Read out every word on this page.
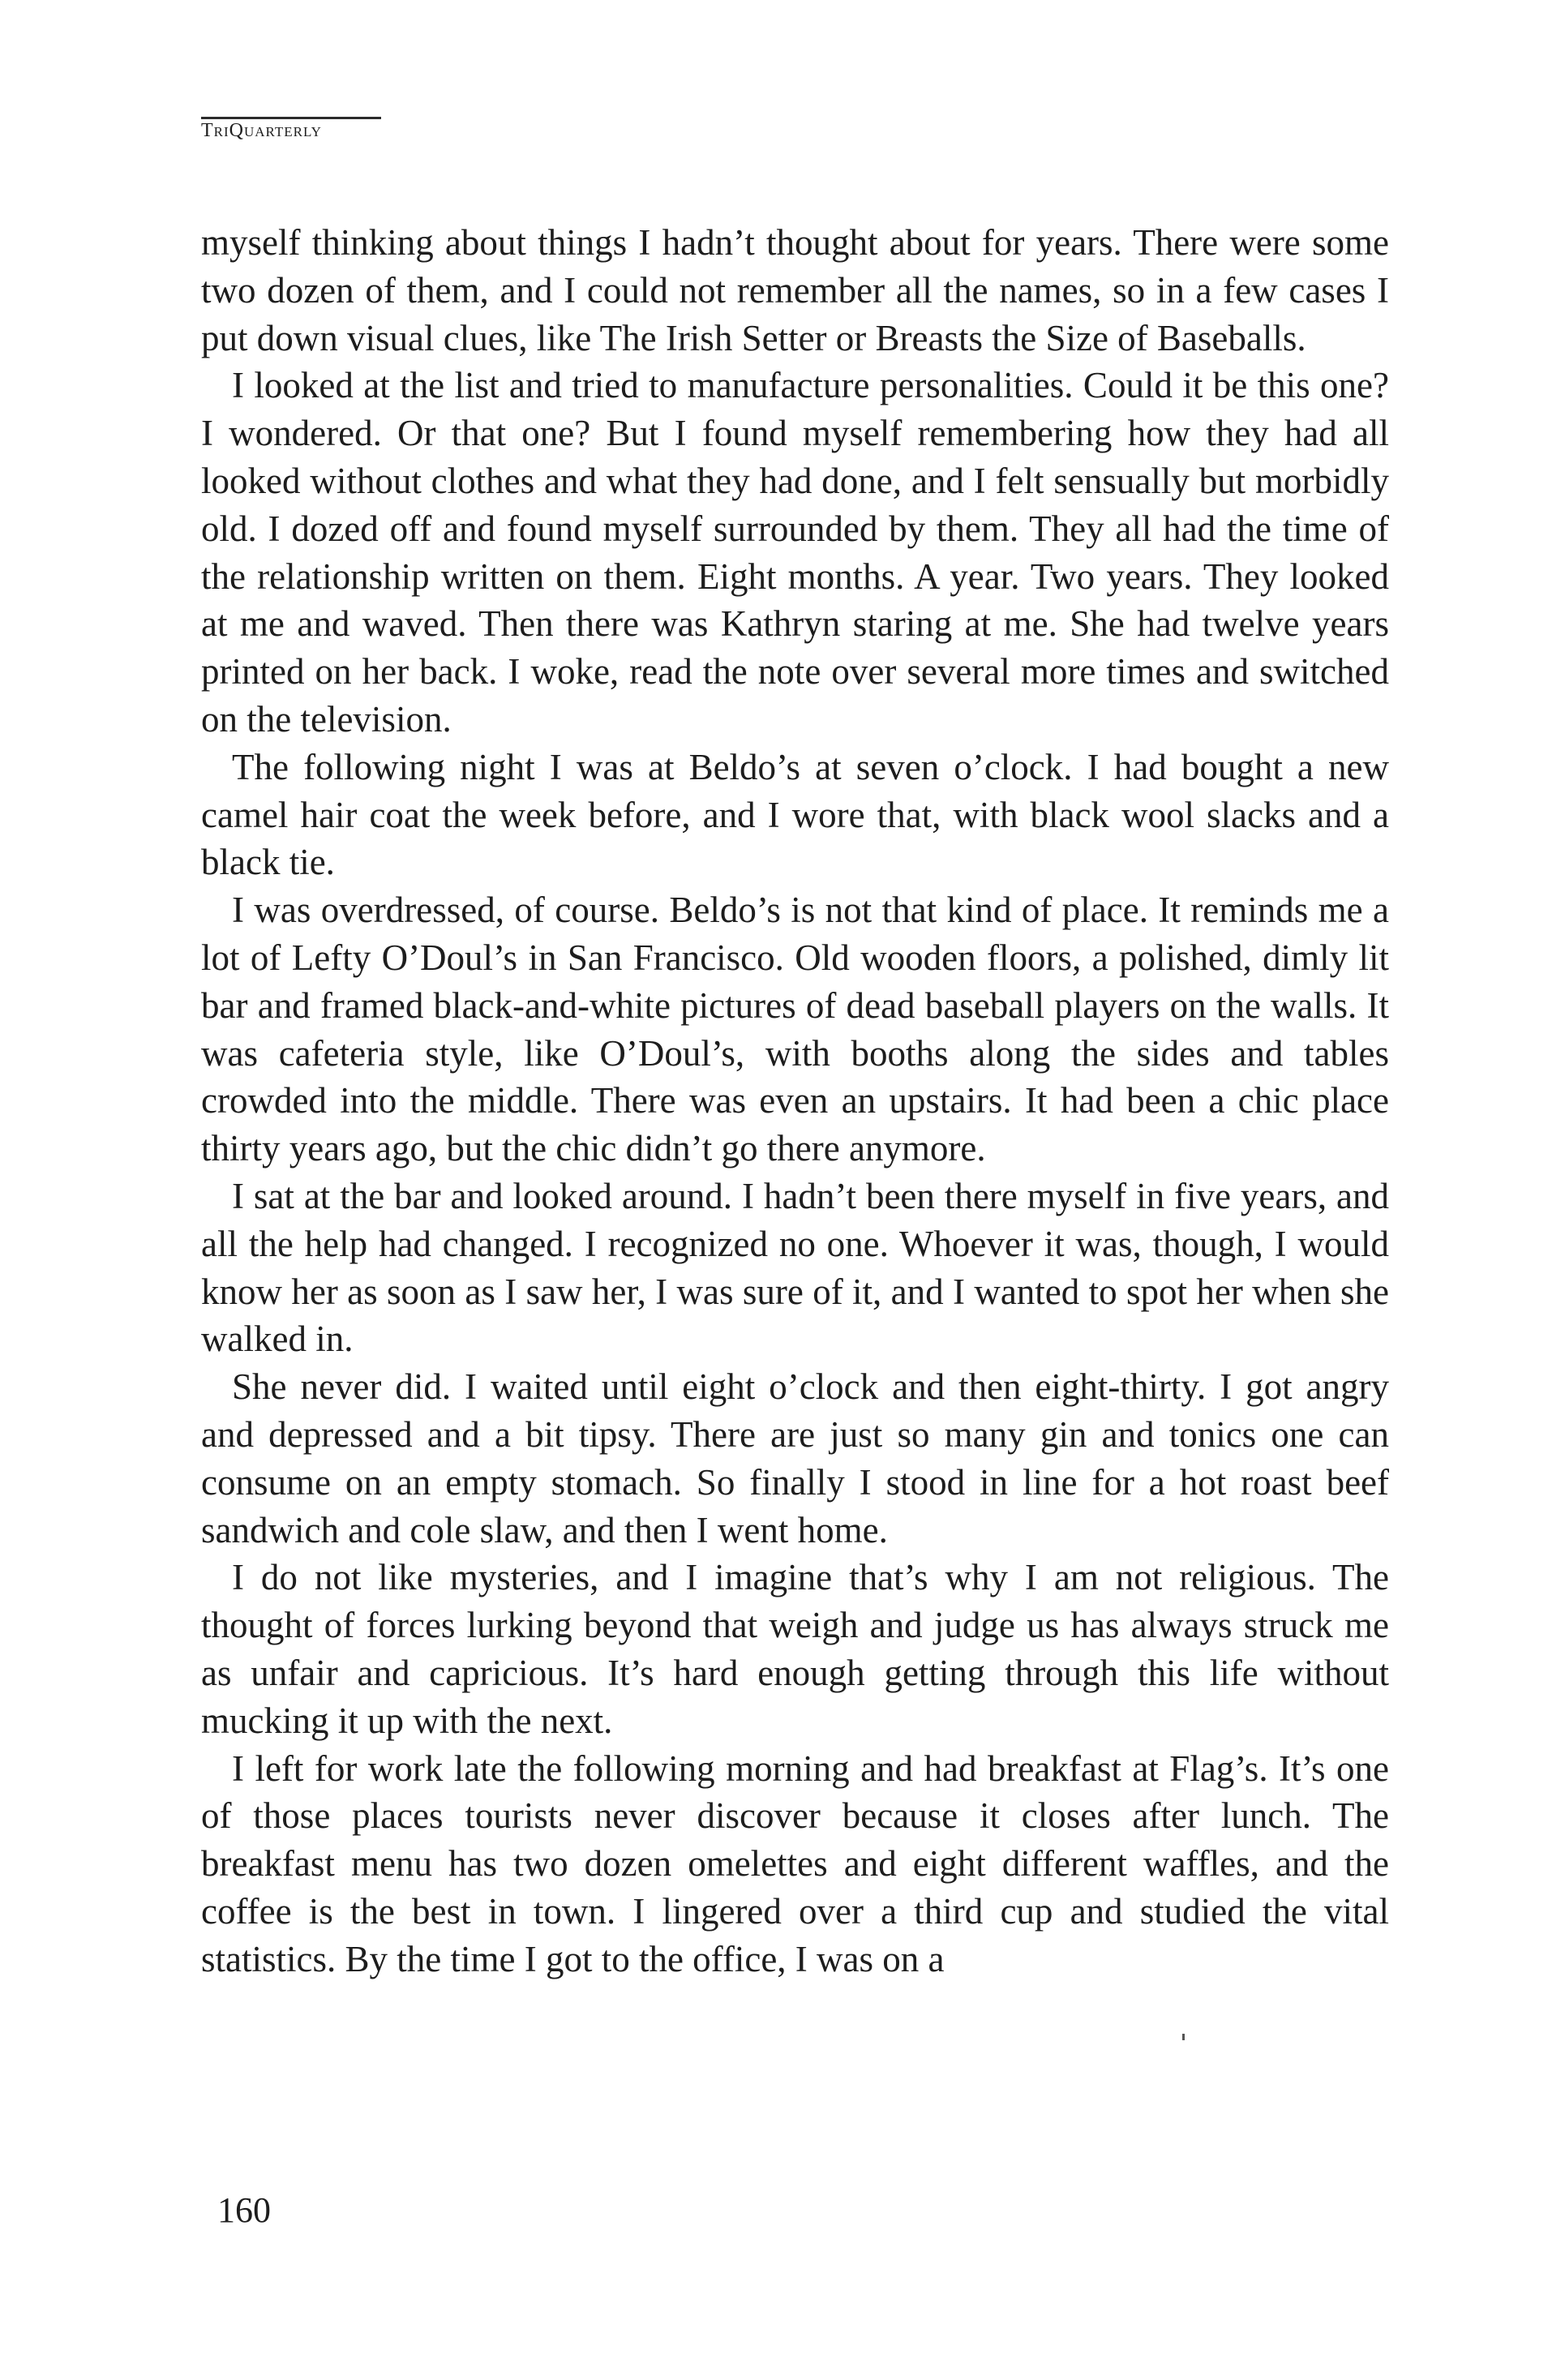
TriQuarterly

myself thinking about things I hadn’t thought about for years. There were some two dozen of them, and I could not remember all the names, so in a few cases I put down visual clues, like The Irish Setter or Breasts the Size of Baseballs.

I looked at the list and tried to manufacture personalities. Could it be this one? I wondered. Or that one? But I found myself remembering how they had all looked without clothes and what they had done, and I felt sensually but morbidly old. I dozed off and found myself surrounded by them. They all had the time of the relationship written on them. Eight months. A year. Two years. They looked at me and waved. Then there was Kathryn staring at me. She had twelve years printed on her back. I woke, read the note over several more times and switched on the television.

The following night I was at Beldo’s at seven o’clock. I had bought a new camel hair coat the week before, and I wore that, with black wool slacks and a black tie.

I was overdressed, of course. Beldo’s is not that kind of place. It reminds me a lot of Lefty O’Doul’s in San Francisco. Old wooden floors, a polished, dimly lit bar and framed black-and-white pictures of dead baseball players on the walls. It was cafeteria style, like O’Doul’s, with booths along the sides and tables crowded into the middle. There was even an upstairs. It had been a chic place thirty years ago, but the chic didn’t go there anymore.

I sat at the bar and looked around. I hadn’t been there myself in five years, and all the help had changed. I recognized no one. Whoever it was, though, I would know her as soon as I saw her, I was sure of it, and I wanted to spot her when she walked in.

She never did. I waited until eight o’clock and then eight-thirty. I got angry and depressed and a bit tipsy. There are just so many gin and tonics one can consume on an empty stomach. So finally I stood in line for a hot roast beef sandwich and cole slaw, and then I went home.

I do not like mysteries, and I imagine that’s why I am not religious. The thought of forces lurking beyond that weigh and judge us has always struck me as unfair and capricious. It’s hard enough getting through this life without mucking it up with the next.

I left for work late the following morning and had breakfast at Flag’s. It’s one of those places tourists never discover because it closes after lunch. The breakfast menu has two dozen omelettes and eight different waffles, and the coffee is the best in town. I lingered over a third cup and studied the vital statistics. By the time I got to the office, I was on a

160
